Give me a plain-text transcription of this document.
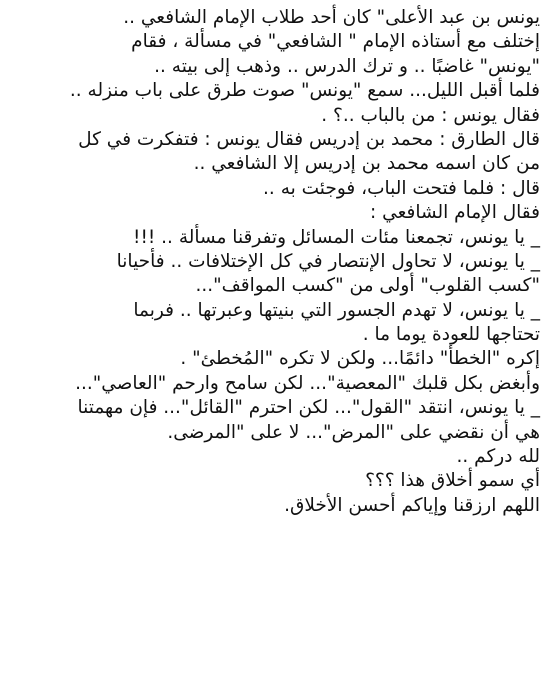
يونس بن عبد الأعلى" كان أحد طلاب الإمام الشافعي ..
إختلف مع أستاذه الإمام " الشافعي" في مسألة ، فقام
"يونس" غاضبًا .. و ترك الدرس .. وذهب إلى بيته ..
فلما أقبل الليل... سمع "يونس" صوت طرق على باب منزله ..
فقال يونس : من بالباب ..؟ .
قال الطارق : محمد بن إدريس فقال يونس : فتفكرت في كل
من كان اسمه محمد بن إدريس إلا الشافعي ..
قال : فلما فتحت الباب، فوجئت به ..
فقال الإمام الشافعي :
_ يا يونس، تجمعنا مئات المسائل وتفرقنا مسألة .. !!!
_ يا يونس، لا تحاول الإنتصار في كل الإختلافات .. فأحيانا
"كسب القلوب" أولى من "كسب المواقف"...
_ يا يونس، لا تهدم الجسور التي بنيتها وعبرتها .. فربما
تحتاجها للعودة يوما ما .
إكره "الخطأ" دائمًا... ولكن لا تكره "المُخطئ" .
وأبغض بكل قلبك "المعصية"... لكن سامح وارحم "العاصي"...
_ يا يونس، انتقد "القول"... لكن احترم "القائل"... فإن مهمتنا
هي أن نقضي على "المرض"... لا على "المرضى.
لله دركم ..
أي سمو أخلاق هذا ؟؟؟
اللهم ارزقنا وإياكم أحسن الأخلاق.
